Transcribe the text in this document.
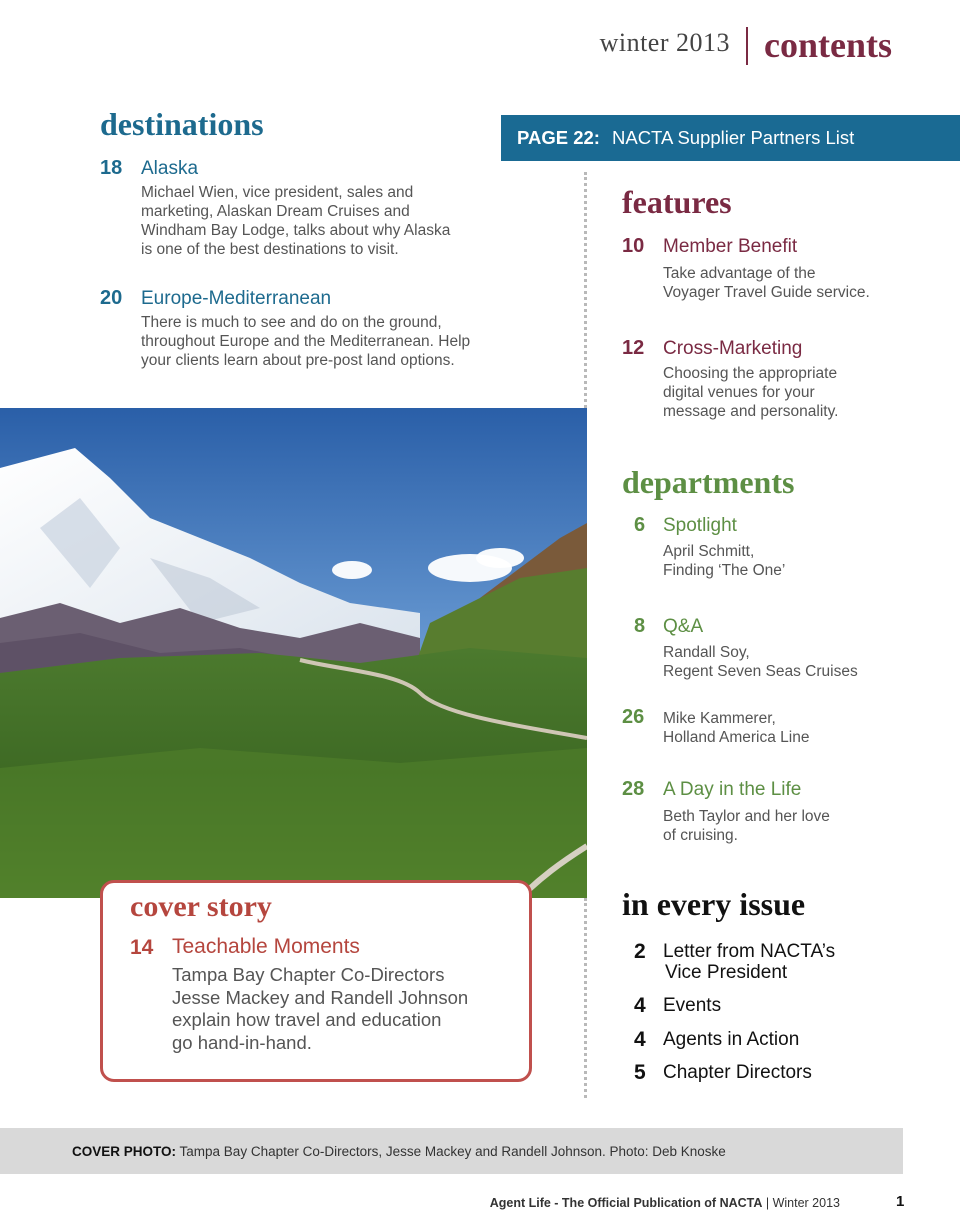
winter 2013 contents
destinations
18 Alaska
Michael Wien, vice president, sales and
marketing, Alaskan Dream Cruises and
Windham Bay Lodge, talks about why Alaska
is one of the best destinations to visit.
20 Europe-Mediterranean
There is much to see and do on the ground,
throughout Europe and the Mediterranean. Help
your clients learn about pre-post land options.
PAGE 22: NACTA Supplier Partners List
features
10 Member Benefit
Take advantage of the
Voyager Travel Guide service.
12 Cross-Marketing
Choosing the appropriate
digital venues for your
message and personality.
departments
6 Spotlight
April Schmitt,
Finding ‘The One’
8 Q&A
Randall Soy,
Regent Seven Seas Cruises
26 Mike Kammerer,
Holland America Line
28 A Day in the Life
Beth Taylor and her love
of cruising.
in every issue
2 Letter from NACTA’s
Vice President
4 Events
4 Agents in Action
5 Chapter Directors
cover story
14 Teachable Moments
Tampa Bay Chapter Co-Directors
Jesse Mackey and Randell Johnson
explain how travel and education
go hand-in-hand.
COVER PHOTO: Tampa Bay Chapter Co-Directors, Jesse Mackey and Randell Johnson. Photo: Deb Knoske
Agent Life - The Official Publication of NACTA | Winter 2013	1
